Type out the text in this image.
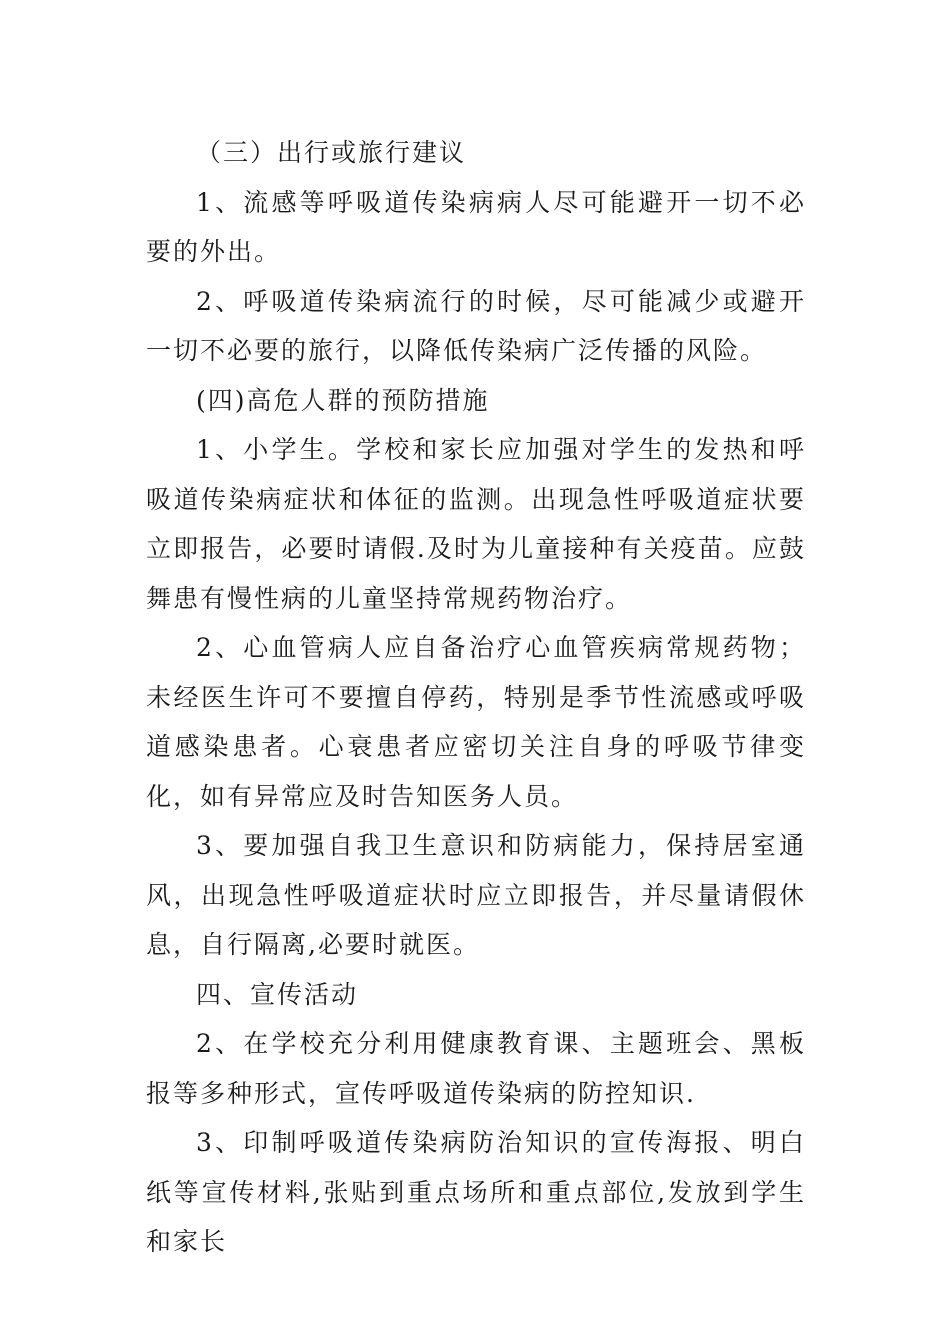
（三）出行或旅行建议

1、流感等呼吸道传染病病人尽可能避开一切不必要的外出。

2、呼吸道传染病流行的时候，尽可能减少或避开一切不必要的旅行，以降低传染病广泛传播的风险。

(四)高危人群的预防措施

1、小学生。学校和家长应加强对学生的发热和呼吸道传染病症状和体征的监测。出现急性呼吸道症状要立即报告，必要时请假.及时为儿童接种有关疫苗。应鼓舞患有慢性病的儿童坚持常规药物治疗。

2、心血管病人应自备治疗心血管疾病常规药物；未经医生许可不要擅自停药，特别是季节性流感或呼吸道感染患者。心衰患者应密切关注自身的呼吸节律变化，如有异常应及时告知医务人员。

3、要加强自我卫生意识和防病能力，保持居室通风，出现急性呼吸道症状时应立即报告，并尽量请假休息，自行隔离,必要时就医。

四、宣传活动

2、在学校充分利用健康教育课、主题班会、黑板报等多种形式，宣传呼吸道传染病的防控知识.

3、印制呼吸道传染病防治知识的宣传海报、明白纸等宣传材料,张贴到重点场所和重点部位,发放到学生和家长
